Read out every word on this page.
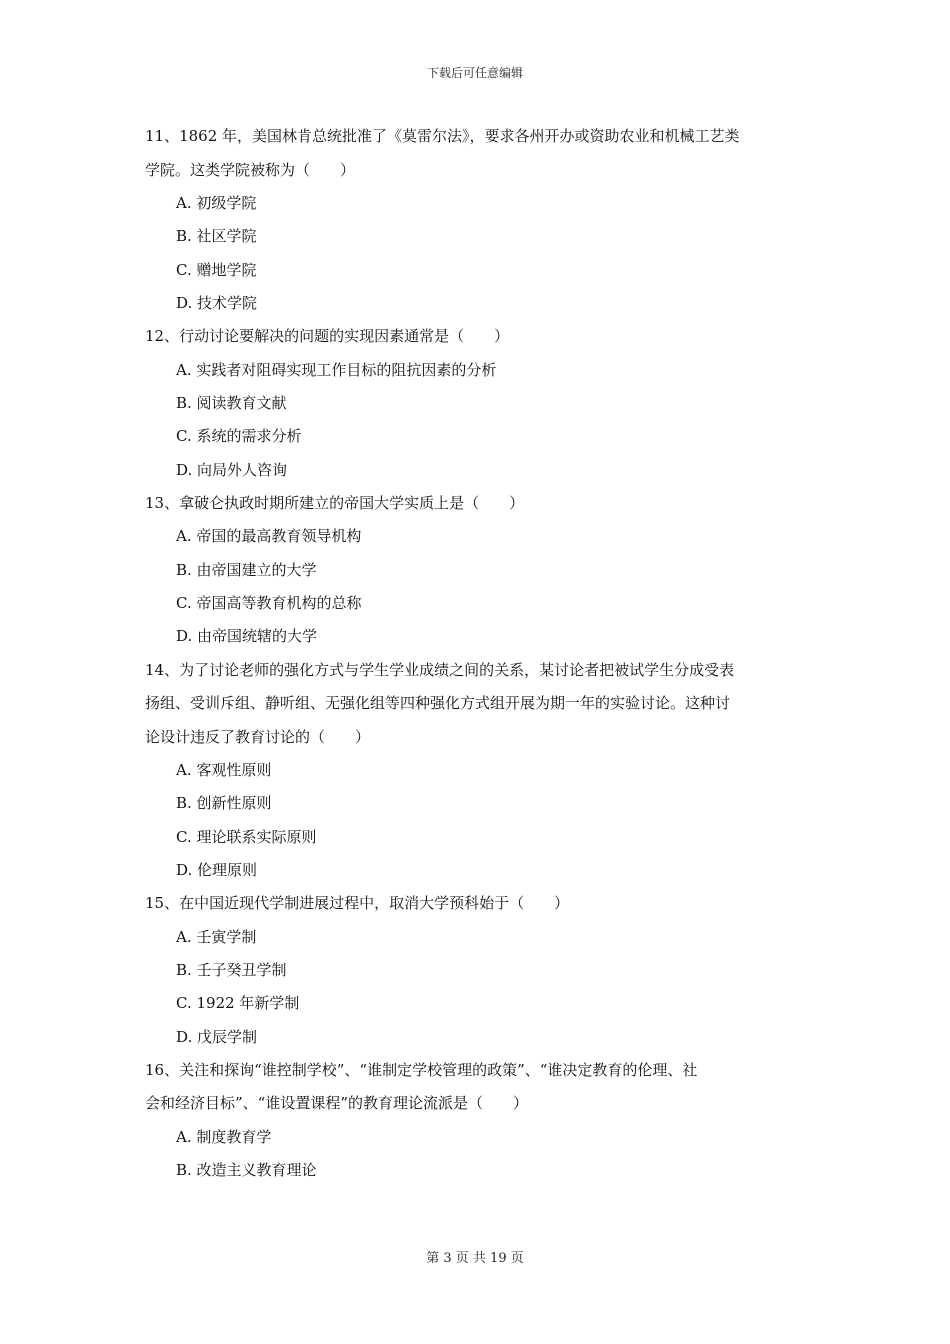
下载后可任意编辑

11、1862 年，美国林肯总统批准了《莫雷尔法》，要求各州开办或资助农业和机械工艺类

学院。这类学院被称为（　　）

A. 初级学院

B. 社区学院

C. 赠地学院

D. 技术学院

12、行动讨论要解决的问题的实现因素通常是（　　）

A. 实践者对阻碍实现工作目标的阻抗因素的分析

B. 阅读教育文献

C. 系统的需求分析

D. 向局外人咨询

13、拿破仑执政时期所建立的帝国大学实质上是（　　）

A. 帝国的最高教育领导机构

B. 由帝国建立的大学

C. 帝国高等教育机构的总称

D. 由帝国统辖的大学

14、为了讨论老师的强化方式与学生学业成绩之间的关系，某讨论者把被试学生分成受表

扬组、受训斥组、静听组、无强化组等四种强化方式组开展为期一年的实验讨论。这种讨

论设计违反了教育讨论的（　　）

A. 客观性原则

B. 创新性原则

C. 理论联系实际原则

D. 伦理原则

15、在中国近现代学制进展过程中，取消大学预科始于（　　）

A. 壬寅学制

B. 壬子癸丑学制

C. 1922 年新学制

D. 戊辰学制

16、关注和探询“谁控制学校”、“谁制定学校管理的政策”、“谁决定教育的伦理、社

会和经济目标”、“谁设置课程”的教育理论流派是（　　）

A. 制度教育学

B. 改造主义教育理论

第 3 页 共 19 页
